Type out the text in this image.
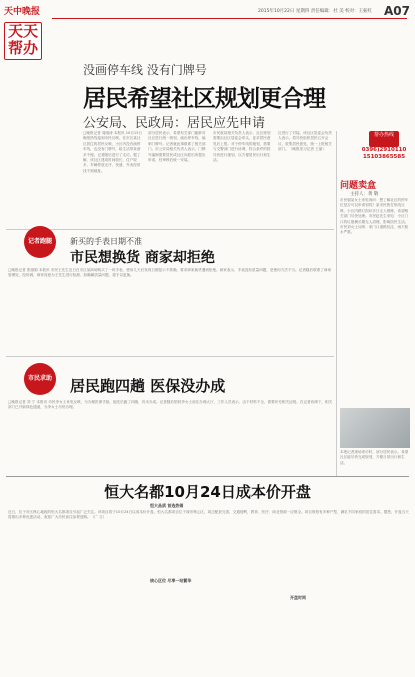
天中晚报
天天
帮办
2015年10月22日 星期四 责任编辑：杜 美 校对：王振红 A07
没画停车线 没有门牌号
居民希望社区规划更合理
公安局、民政局：居民应先申请
□晚报记者 周刚涛 本报讯 10月15日晚报热线接到市民反映，在市区某社区居住的居民反映，小区内没有画停车线，也没有门牌号，给生活带来诸多不便。记者随后进行了走访。据了解，该社区建成时间较长，住户较多，车辆停放无序，快递、外卖经常找不到地址。
部分居民表示，希望有关部门能够对社区进行统一规划，画出停车线，编制门牌号。记者就此事联系了相关部门。市公安局相关负责人表示，门牌号编制需要居民或社区向派出所提出申请，经审核后统一安装。
市民政局相关负责人表示，社区规划需要由社区居委会牵头，征求居民意见后上报。对于停车线的施划，需要与交警部门进行协调，符合条件的将尽快进行施划，以方便居民出行和生活。
区进行了对接。该社区居委会负责人表示，将尽快组织居民召开会议，收集居民意见，统一上报相关部门。（晚报见习记者 王丽）
帮办热线
0396)2910110
15103865585
问题卖盒
主持人：黄 敬
市民朝某女士来电询问：想了解社区的停车位是否可以申请划线？某市民拨打热线反映，小区内路灯损坏多日无人维修，希望相关部门尽快处理。市民赵先生来电：小区门口的垃圾桶长期无人清理，影响居民生活。市民刘女士反映：家门口道路坑洼，雨天积水严重。
本报记者现场采访时，部分居民表示，希望社区能尽快完成规划，方便日常出行和生活。
记者跑腿	新买的手表日期不准
市民想换货 商家却拒绝
□晚报记者 张丽娟 本报讯 市民王先生近日在市区某商场购买了一块手表，使用几天后发现日期显示不准确，要求商家换货遭到拒绝。商家表示，手表没有质量问题，是使用方法不当。记者随后联系了商场管理处，经协调，商家同意为王先生进行检测，如确属质量问题，将予以更换。
市民求助 居民跑四趟 医保没办成
□晚报记者 刘 宁 本报讯 市民李女士来电反映，为办理医保手续，她先后跑了四趟，仍未办成。记者随后陪同李女士前往办理大厅，工作人员表示，由于材料不全，需要补充相关证明。在记者协调下，相关部门已开辟绿色通道，为李女士尽快办理。
恒大名都10月24日成本价开盘
恒大品质 首选热销
核心区位 尽享一站繁华
开盘时间
近日，位于市区核心地段的恒大名都项目引起广泛关注。该项目将于10月24日以成本价开盘，恒大名都项目位于城市核心区，周边配套完善，交通便利，教育、医疗、商业资源一应俱全。项目规划有多种户型，满足不同家庭的居住需求。据悉，开盘当天将推出多种优惠活动，欢迎广大市民前往参观选购。（广 文）
